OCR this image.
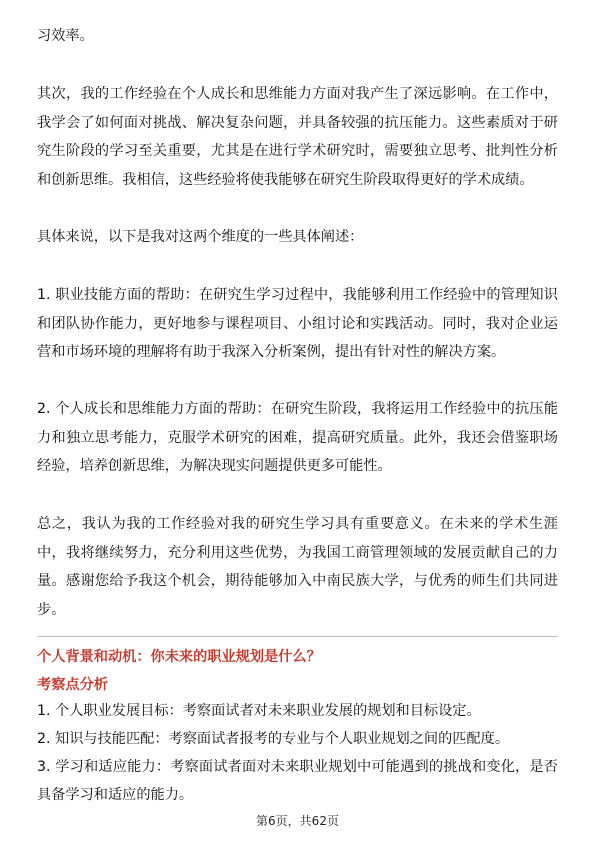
习效率。

其次，我的工作经验在个人成长和思维能力方面对我产生了深远影响。在工作中，我学会了如何面对挑战、解决复杂问题，并具备较强的抗压能力。这些素质对于研究生阶段的学习至关重要，尤其是在进行学术研究时，需要独立思考、批判性分析和创新思维。我相信，这些经验将使我能够在研究生阶段取得更好的学术成绩。

具体来说，以下是我对这两个维度的一些具体阐述：

1. 职业技能方面的帮助：在研究生学习过程中，我能够利用工作经验中的管理知识和团队协作能力，更好地参与课程项目、小组讨论和实践活动。同时，我对企业运营和市场环境的理解将有助于我深入分析案例，提出有针对性的解决方案。

2. 个人成长和思维能力方面的帮助：在研究生阶段，我将运用工作经验中的抗压能力和独立思考能力，克服学术研究的困难，提高研究质量。此外，我还会借鉴职场经验，培养创新思维，为解决现实问题提供更多可能性。

总之，我认为我的工作经验对我的研究生学习具有重要意义。在未来的学术生涯中，我将继续努力，充分利用这些优势，为我国工商管理领域的发展贡献自己的力量。感谢您给予我这个机会，期待能够加入中南民族大学，与优秀的师生们共同进步。

个人背景和动机：你未来的职业规划是什么？

考察点分析

1. 个人职业发展目标：考察面试者对未来职业发展的规划和目标设定。

2. 知识与技能匹配：考察面试者报考的专业与个人职业规划之间的匹配度。

3. 学习和适应能力：考察面试者面对未来职业规划中可能遇到的挑战和变化，是否具备学习和适应的能力。

第6页，共62页
